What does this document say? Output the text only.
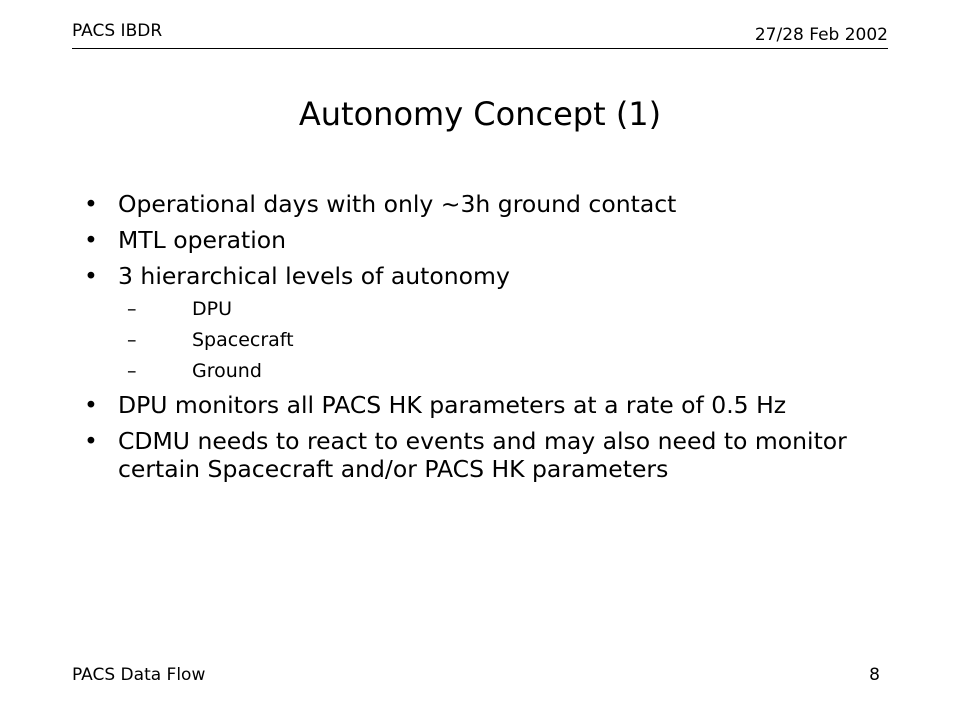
PACS IBDR	27/28 Feb 2002
Autonomy Concept (1)
• Operational days with only ~3h ground contact
• MTL operation
• 3 hierarchical levels of autonomy
–	DPU
–	Spacecraft
–	Ground
• DPU monitors all PACS HK parameters at a rate of 0.5 Hz
• CDMU needs to react to events and may also need to monitor certain Spacecraft and/or PACS HK parameters
PACS Data Flow	8
